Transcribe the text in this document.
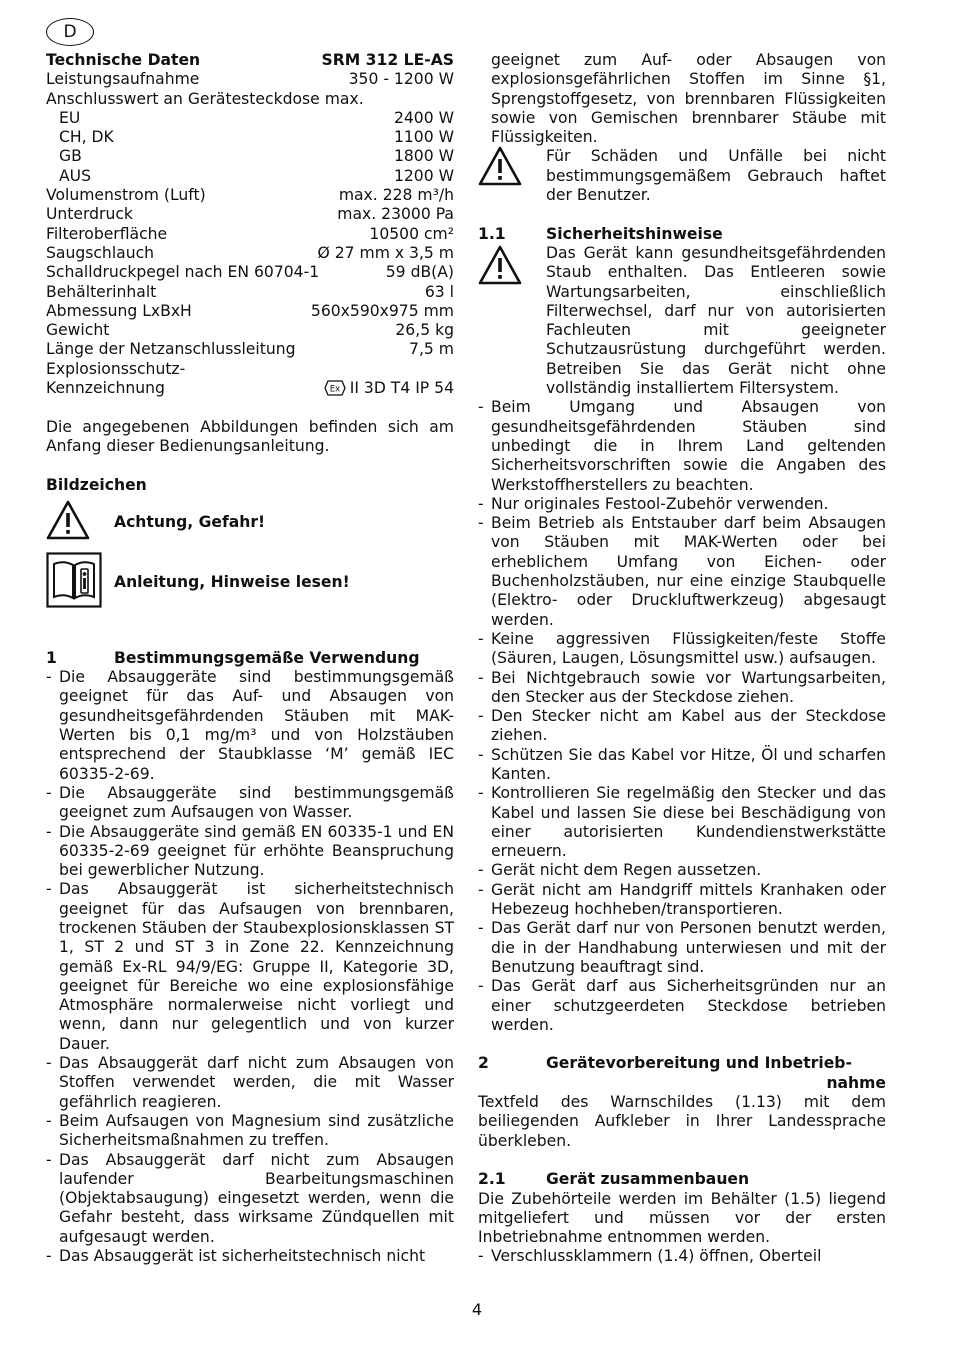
D
Technische Daten	SRM 312 LE-AS
Leistungsaufnahme	350 - 1200 W
Anschlusswert an Gerätesteckdose max.
EU	2400 W
CH, DK	1100 W
GB	1800 W
AUS	1200 W
Volumenstrom (Luft)	max. 228 m³/h
Unterdruck	max. 23000 Pa
Filteroberfläche	10500 cm²
Saugschlauch	Ø 27 mm x 3,5 m
Schalldruckpegel nach EN 60704-1	59 dB(A)
Behälterinhalt	63 l
Abmessung LxBxH	560x590x975 mm
Gewicht	26,5 kg
Länge der Netzanschlussleitung	7,5 m
Explosionsschutz-
Kennzeichnung	Ex II 3D T4 IP 54

Die angegebenen Abbildungen befinden sich am Anfang dieser Bedienungsanleitung.

Bildzeichen
Achtung, Gefahr!
Anleitung, Hinweise lesen!
1	Bestimmungsgemäße Verwendung
- Die Absauggeräte sind bestimmungsgemäß geeignet für das Auf- und Absaugen von gesundheitsgefährdenden Stäuben mit MAK-Werten bis 0,1 mg/m³ und von Holzstäuben entsprechend der Staubklasse ‘M’ gemäß IEC 60335-2-69.
- Die Absauggeräte sind bestimmungsgemäß geeignet zum Aufsaugen von Wasser.
- Die Absauggeräte sind gemäß EN 60335-1 und EN 60335-2-69 geeignet für erhöhte Beanspruchung bei gewerblicher Nutzung.
- Das Absauggerät ist sicherheitstechnisch geeignet für das Aufsaugen von brennbaren, trockenen Stäuben der Staubexplosionsklassen ST 1, ST 2 und ST 3 in Zone 22. Kennzeichnung gemäß Ex-RL 94/9/EG: Gruppe II, Kategorie 3D, geeignet für Bereiche wo eine explosionsfähige Atmosphäre normalerweise nicht vorliegt und wenn, dann nur gelegentlich und von kurzer Dauer.
- Das Absauggerät darf nicht zum Absaugen von Stoffen verwendet werden, die mit Wasser gefährlich reagieren.
- Beim Aufsaugen von Magnesium sind zusätzliche Sicherheitsmaßnahmen zu treffen.
- Das Absauggerät darf nicht zum Absaugen laufender Bearbeitungsmaschinen (Objektabsaugung) eingesetzt werden, wenn die Gefahr besteht, dass wirksame Zündquellen mit aufgesaugt werden.
- Das Absauggerät ist sicherheitstechnisch nicht
geeignet zum Auf- oder Absaugen von explosionsgefährlichen Stoffen im Sinne §1, Sprengstoffgesetz, von brennbaren Flüssigkeiten sowie von Gemischen brennbarer Stäube mit Flüssigkeiten.
Für Schäden und Unfälle bei nicht bestimmungsgemäßem Gebrauch haftet der Benutzer.
1.1	Sicherheitshinweise
Das Gerät kann gesundheitsgefährdenden Staub enthalten. Das Entleeren sowie Wartungsarbeiten, einschließlich Filterwechsel, darf nur von autorisierten Fachleuten mit geeigneter Schutzausrüstung durchgeführt werden. Betreiben Sie das Gerät nicht ohne vollständig installiertem Filtersystem.
- Beim Umgang und Absaugen von gesundheitsgefährdenden Stäuben sind unbedingt die in Ihrem Land geltenden Sicherheitsvorschriften sowie die Angaben des Werkstoffherstellers zu beachten.
- Nur originales Festool-Zubehör verwenden.
- Beim Betrieb als Entstauber darf beim Absaugen von Stäuben mit MAK-Werten oder bei erheblichem Umfang von Eichen- oder Buchenholzstäuben, nur eine einzige Staubquelle (Elektro- oder Druckluftwerkzeug) abgesaugt werden.
- Keine aggressiven Flüssigkeiten/feste Stoffe (Säuren, Laugen, Lösungsmittel usw.) aufsaugen.
- Bei Nichtgebrauch sowie vor Wartungsarbeiten, den Stecker aus der Steckdose ziehen.
- Den Stecker nicht am Kabel aus der Steckdose ziehen.
- Schützen Sie das Kabel vor Hitze, Öl und scharfen Kanten.
- Kontrollieren Sie regelmäßig den Stecker und das Kabel und lassen Sie diese bei Beschädigung von einer autorisierten Kundendienstwerkstätte erneuern.
- Gerät nicht dem Regen aussetzen.
- Gerät nicht am Handgriff mittels Kranhaken oder Hebezeug hochheben/transportieren.
- Das Gerät darf nur von Personen benutzt werden, die in der Handhabung unterwiesen und mit der Benutzung beauftragt sind.
- Das Gerät darf aus Sicherheitsgründen nur an einer schutzgeerdeten Steckdose betrieben werden.
2	Gerätevorbereitung und Inbetrieb-
nahme

Textfeld des Warnschildes (1.13) mit dem beiliegenden Aufkleber in Ihrer Landessprache überkleben.

2.1	Gerät zusammenbauen

Die Zubehörteile werden im Behälter (1.5) liegend mitgeliefert und müssen vor der ersten Inbetriebnahme entnommen werden.

- Verschlussklammern (1.4) öffnen, Oberteil
4
